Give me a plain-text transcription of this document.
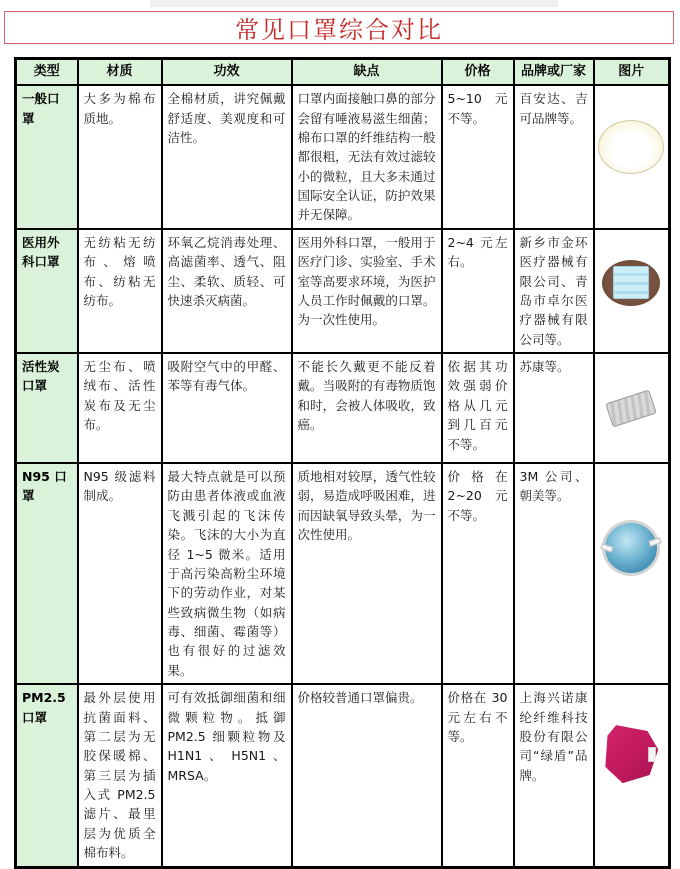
常见口罩综合对比
类型	材质	功效	缺点	价格	品牌或厂家	图片
一般口罩	大多为棉布质地。	全棉材质，讲究佩戴舒适度、美观度和可洁性。	口罩内面接触口鼻的部分会留有唾液易滋生细菌；棉布口罩的纤维结构一般都很粗，无法有效过滤较小的微粒，且大多未通过国际安全认证，防护效果并无保障。	5~10 元不等。	百安达、吉可品牌等。	

医用外科口罩	无纺粘无纺布、熔喷布、纺粘无纺布。	环氧乙烷消毒处理、高滤菌率、透气、阻尘、柔软、质轻、可快速杀灭病菌。	医用外科口罩，一般用于医疗门诊、实验室、手术室等高要求环境，为医护人员工作时佩戴的口罩。为一次性使用。	2~4 元左右。	新乡市金环医疗器械有限公司、青岛市卓尔医疗器械有限公司等。	

活性炭口罩	无尘布、喷绒布、活性炭布及无尘布。	吸附空气中的甲醛、苯等有毒气体。	不能长久戴更不能反着戴。当吸附的有毒物质饱和时，会被人体吸收，致癌。	依据其功效强弱价格从几元到几百元不等。	苏康等。	

N95 口罩	N95 级滤料制成。	最大特点就是可以预防由患者体液或血液飞溅引起的飞沫传染。飞沫的大小为直径 1~5 微米。适用于高污染高粉尘环境下的劳动作业，对某些致病微生物（如病毒、细菌、霉菌等）也有很好的过滤效果。	质地相对较厚，透气性较弱，易造成呼吸困难，进而因缺氧导致头晕，为一次性使用。	价格在 2~20 元不等。	3M 公司、朝美等。	

PM2.5口罩	最外层使用抗菌面料、第二层为无胶保暖棉、第三层为插入式 PM2.5 滤片、最里层为优质全棉布料。	可有效抵御细菌和细微颗粒物。抵御 PM2.5 细颗粒物及 H1N1 、 H5N1 、MRSA。	价格较普通口罩偏贵。	价格在 30 元左右不等。	上海兴诺康纶纤维科技股份有限公司“绿盾”品牌。	
